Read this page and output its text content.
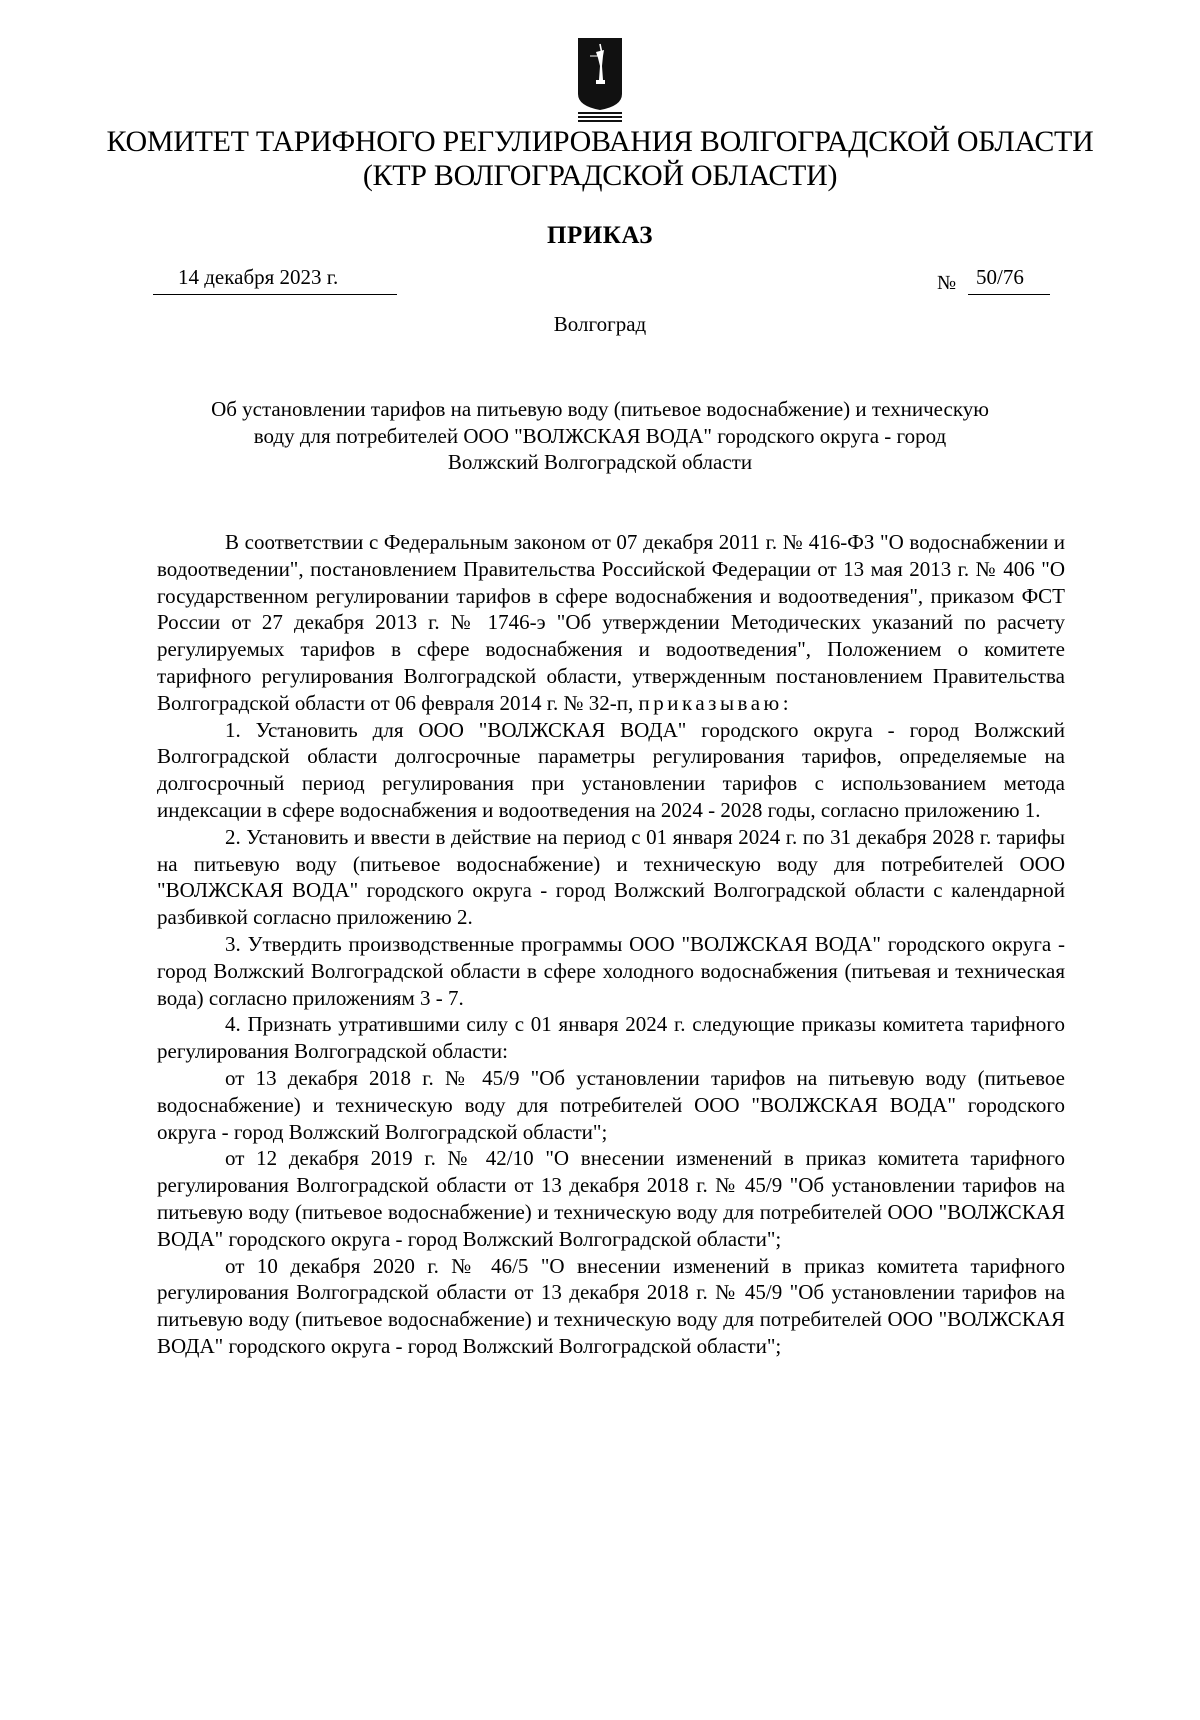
КОМИТЕТ ТАРИФНОГО РЕГУЛИРОВАНИЯ ВОЛГОГРАДСКОЙ ОБЛАСТИ
(КТР ВОЛГОГРАДСКОЙ ОБЛАСТИ)
ПРИКАЗ
14 декабря 2023 г.	№ 50/76
Волгоград
Об установлении тарифов на питьевую воду (питьевое водоснабжение) и техническую
воду для потребителей ООО "ВОЛЖСКАЯ ВОДА" городского округа - город
Волжский Волгоградской области

В соответствии с Федеральным законом от 07 декабря 2011 г. № 416-ФЗ "О водоснабжении и водоотведении", постановлением Правительства Российской Федерации от 13 мая 2013 г. № 406 "О государственном регулировании тарифов в сфере водоснабжения и водоотведения", приказом ФСТ России от 27 декабря 2013 г. № 1746-э "Об утверждении Методических указаний по расчету регулируемых тарифов в сфере водоснабжения и водоотведения", Положением о комитете тарифного регулирования Волгоградской области, утвержденным постановлением Правительства Волгоградской области от 06 февраля 2014 г. № 32-п, приказываю:

1. Установить для ООО "ВОЛЖСКАЯ ВОДА" городского округа - город Волжский Волгоградской области долгосрочные параметры регулирования тарифов, определяемые на долгосрочный период регулирования при установлении тарифов с использованием метода индексации в сфере водоснабжения и водоотведения на 2024 - 2028 годы, согласно приложению 1.

2. Установить и ввести в действие на период с 01 января 2024 г. по 31 декабря 2028 г. тарифы на питьевую воду (питьевое водоснабжение) и техническую воду для потребителей ООО "ВОЛЖСКАЯ ВОДА" городского округа - город Волжский Волгоградской области с календарной разбивкой согласно приложению 2.

3. Утвердить производственные программы ООО "ВОЛЖСКАЯ ВОДА" городского округа - город Волжский Волгоградской области в сфере холодного водоснабжения (питьевая и техническая вода) согласно приложениям 3 - 7.

4. Признать утратившими силу с 01 января 2024 г. следующие приказы комитета тарифного регулирования Волгоградской области:

от 13 декабря 2018 г. № 45/9 "Об установлении тарифов на питьевую воду (питьевое водоснабжение) и техническую воду для потребителей ООО "ВОЛЖСКАЯ ВОДА" городского округа - город Волжский Волгоградской области";

от 12 декабря 2019 г. № 42/10 "О внесении изменений в приказ комитета тарифного регулирования Волгоградской области от 13 декабря 2018 г. № 45/9 "Об установлении тарифов на питьевую воду (питьевое водоснабжение) и техническую воду для потребителей ООО "ВОЛЖСКАЯ ВОДА" городского округа - город Волжский Волгоградской области";

от 10 декабря 2020 г. № 46/5 "О внесении изменений в приказ комитета тарифного регулирования Волгоградской области от 13 декабря 2018 г. № 45/9 "Об установлении тарифов на питьевую воду (питьевое водоснабжение) и техническую воду для потребителей ООО "ВОЛЖСКАЯ ВОДА" городского округа - город Волжский Волгоградской области";
